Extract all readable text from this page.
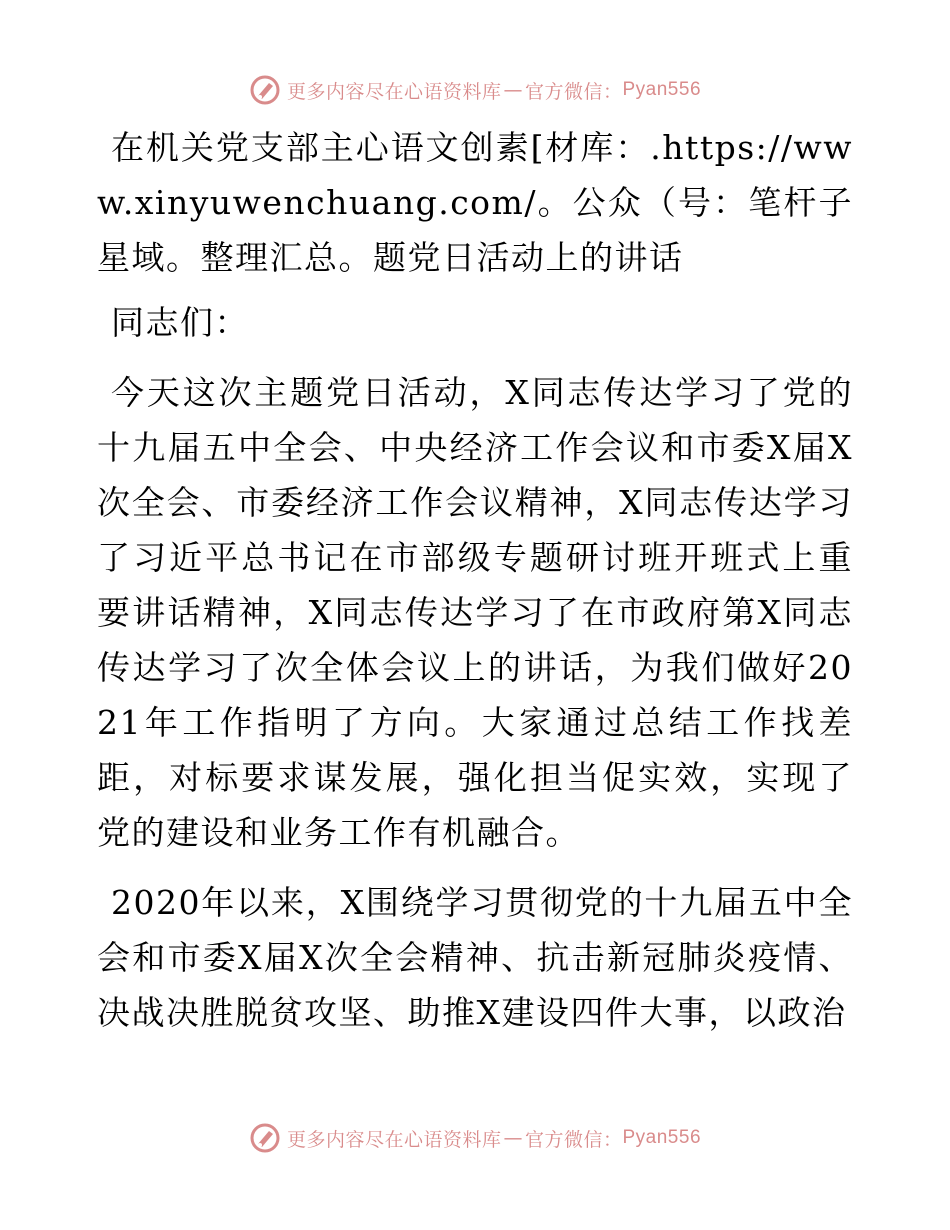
更多内容尽在心语资料库 — 官方微信： Pyan556

在机关党支部主心语文创素[材库：.https://www.xinyuwenchuang.com/。公众（号：笔杆子星域。整理汇总。题党日活动上的讲话

同志们：

今天这次主题党日活动，X同志传达学习了党的十九届五中全会、中央经济工作会议和市委X届X次全会、市委经济工作会议精神，X同志传达学习了习近平总书记在市部级专题研讨班开班式上重要讲话精神，X同志传达学习了在市政府第X同志传达学习了次全体会议上的讲话，为我们做好2021年工作指明了方向。大家通过总结工作找差距，对标要求谋发展，强化担当促实效，实现了党的建设和业务工作有机融合。

2020年以来，X围绕学习贯彻党的十九届五中全会和市委X届X次全会精神、抗击新冠肺炎疫情、决战决胜脱贫攻坚、助推X建设四件大事，以政治

更多内容尽在心语资料库 — 官方微信： Pyan556
